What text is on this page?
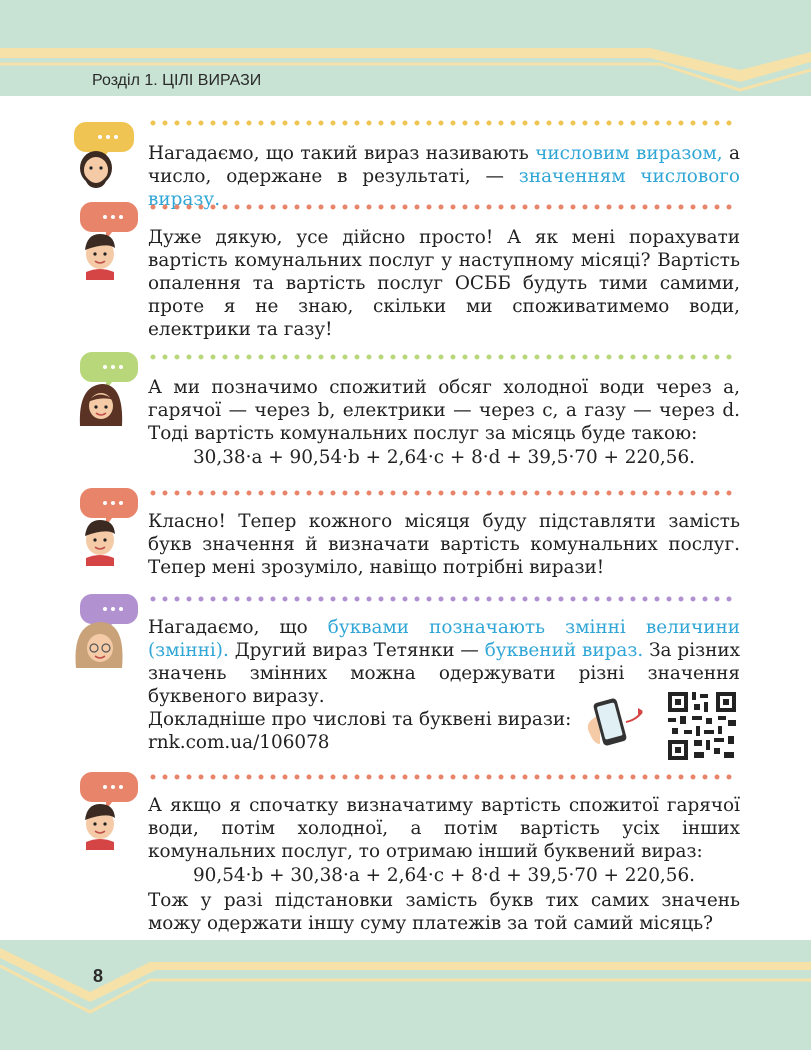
Розділ 1. ЦІЛІ ВИРАЗИ
Нагадаємо, що такий вираз називають числовим виразом, а число, одержане в результаті, — значенням числового виразу.
Дуже дякую, усе дійсно просто! А як мені порахувати вартість комунальних послуг у наступному місяці? Вартість опалення та вартість послуг ОСББ будуть тими самими, проте я не знаю, скільки ми споживатимемо води, електрики та газу!
А ми позначимо спожитий обсяг холодної води через a, гарячої — через b, електрики — через c, а газу — через d. Тоді вартість комунальних послуг за місяць буде такою:
30,38·a + 90,54·b + 2,64·c + 8·d + 39,5·70 + 220,56.
Класно! Тепер кожного місяця буду підставляти замість букв значення й визначати вартість комунальних послуг. Тепер мені зрозуміло, навіщо потрібні вирази!
Нагадаємо, що буквами позначають змінні величини (змінні). Другий вираз Тетянки — буквений вираз. За різних значень змінних можна одержувати різні значення буквеного виразу.
Докладніше про числові та буквені вирази:
rnk.com.ua/106078
А якщо я спочатку визначатиму вартість спожитої гарячої води, потім холодної, а потім вартість усіх інших комунальних послуг, то отримаю інший буквений вираз:
90,54·b + 30,38·a + 2,64·c + 8·d + 39,5·70 + 220,56.
Тож у разі підстановки замість букв тих самих значень можу одержати іншу суму платежів за той самий місяць?
8
